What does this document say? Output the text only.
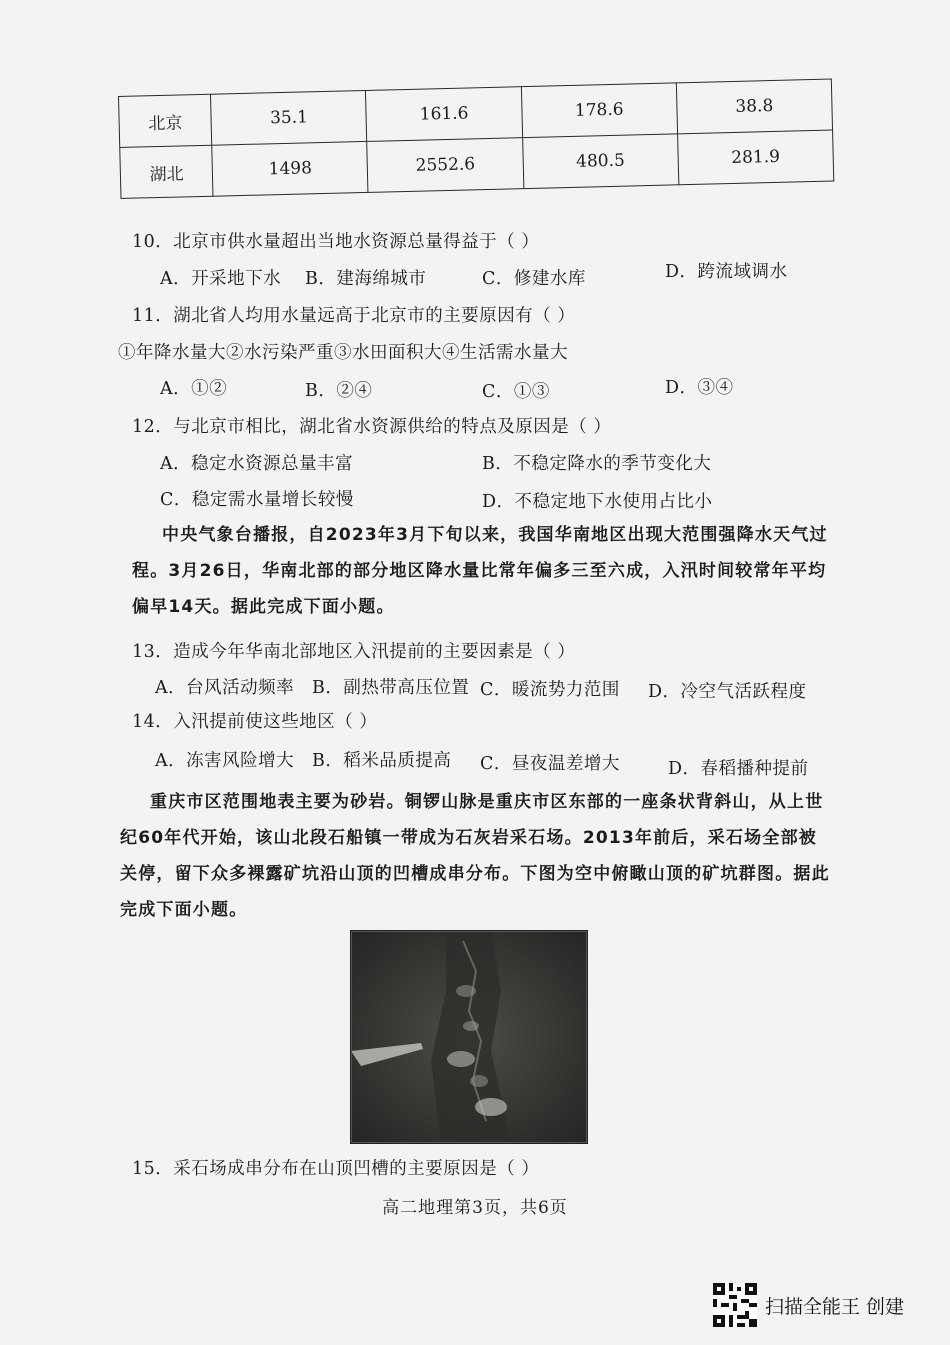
北京	35.1	161.6	178.6	38.8
湖北	1498	2552.6	480.5	281.9
10．北京市供水量超出当地水资源总量得益于（ ）
A．开采地下水 B．建海绵城市	C．修建水库	D．跨流域调水
11．湖北省人均用水量远高于北京市的主要原因有（ ）
①年降水量大②水污染严重③水田面积大④生活需水量大
A．①②	B．②④	C．①③	D．③④
12．与北京市相比，湖北省水资源供给的特点及原因是（ ）
A．稳定水资源总量丰富	B．不稳定降水的季节变化大
C．稳定需水量增长较慢	D．不稳定地下水使用占比小
中央气象台播报，自2023年3月下旬以来，我国华南地区出现大范围强降水天气过程。3月26日，华南北部的部分地区降水量比常年偏多三至六成，入汛时间较常年平均偏早14天。据此完成下面小题。
13．造成今年华南北部地区入汛提前的主要因素是（ ）
A．台风活动频率 B．副热带高压位置 C．暖流势力范围 D．冷空气活跃程度
14．入汛提前使这些地区（ ）
A．冻害风险增大 B．稻米品质提高 C．昼夜温差增大	D．春稻播种提前
重庆市区范围地表主要为砂岩。铜锣山脉是重庆市区东部的一座条状背斜山，从上世纪60年代开始，该山北段石船镇一带成为石灰岩采石场。2013年前后，采石场全部被关停，留下众多裸露矿坑沿山顶的凹槽成串分布。下图为空中俯瞰山顶的矿坑群图。据此完成下面小题。
15．采石场成串分布在山顶凹槽的主要原因是（ ）
高二地理第3页，共6页
扫描全能王 创建
